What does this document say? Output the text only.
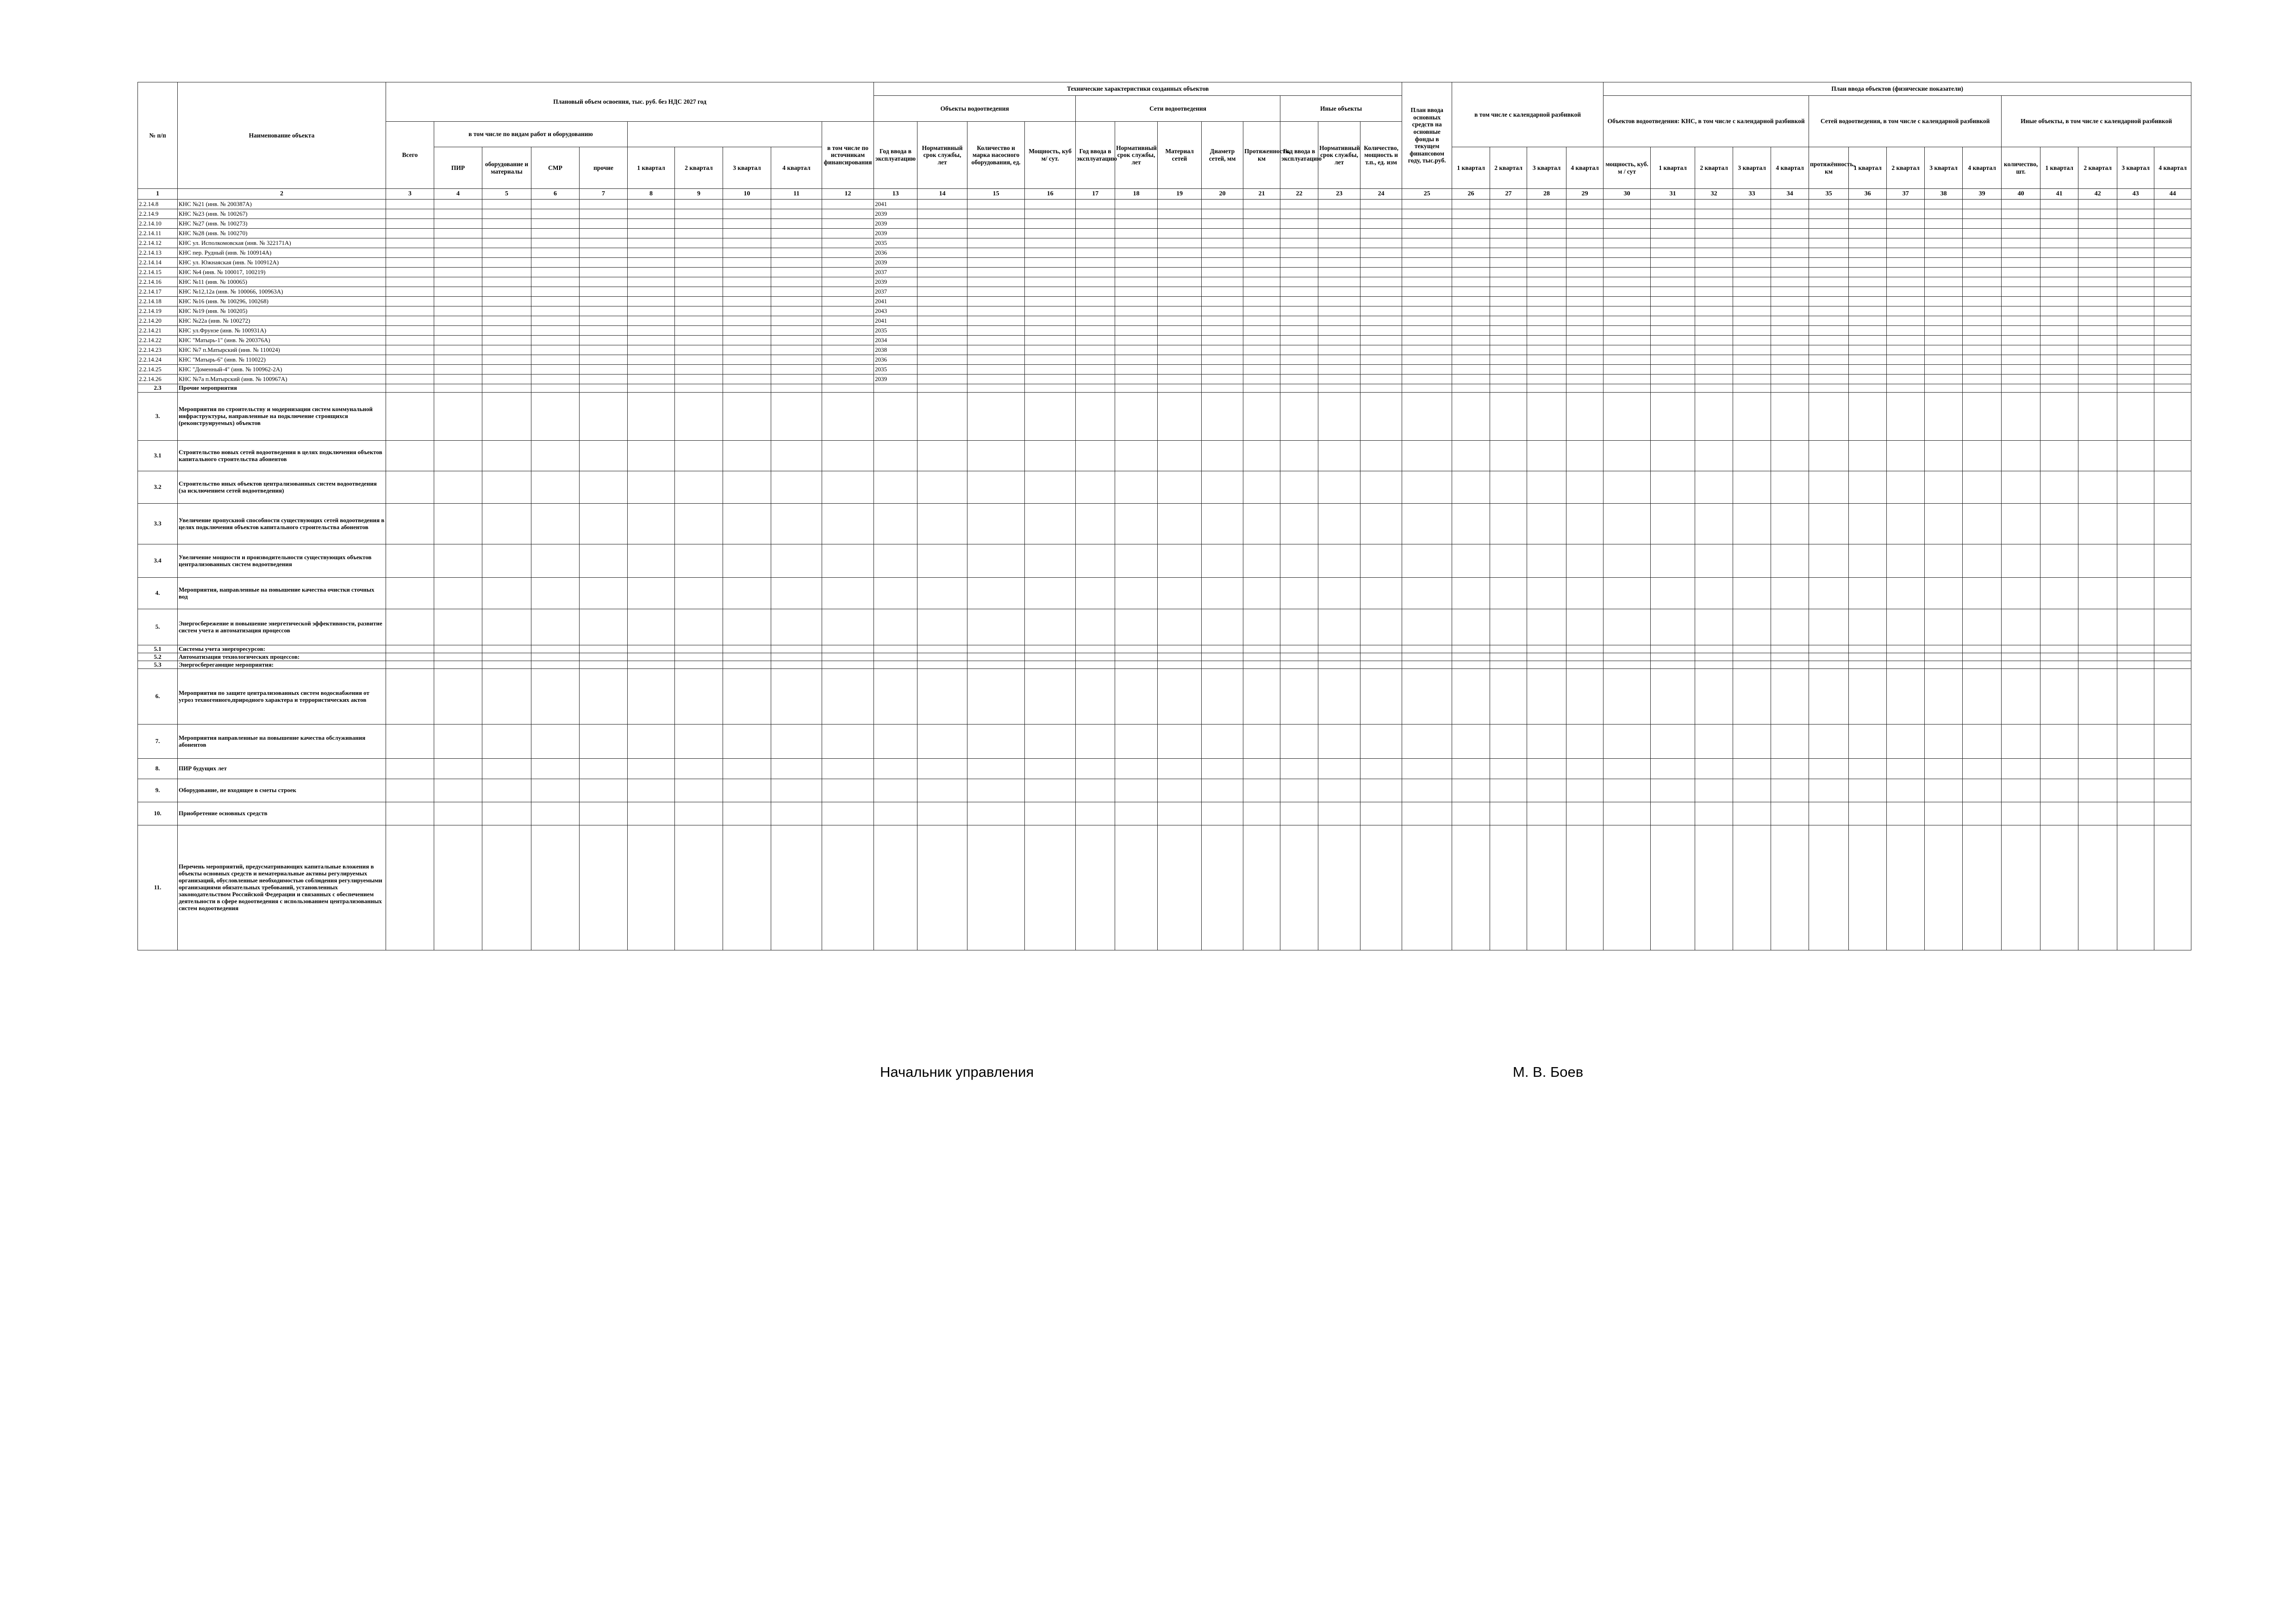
№ п/п	Наименование объекта	Плановый объем освоения, тыс. руб. без НДС 2027 год										Технические характеристики созданных объектов												План ввода основных средств на основные фонды в текущем финансовом году, тыс.руб.	в том числе с календарной разбивкой				План ввода объектов (физические показатели)														
												Объекты водоотведения				Сети водоотведения					Иные объекты								Объектов водоотведения: КНС, в том числе с календарной разбивкой					Сетей водоотведения, в том числе с календарной разбивкой					Иные объекты, в том числе с календарной разбивкой				
		Всего	в том числе по видам работ и оборудованию								в том числе по источникам финансирования	Год ввода в эксплуатацию	Нормативный срок службы, лет	Количество и марка насосного оборудования, ед.	Мощность, куб м/ сут.	Год ввода в эксплуатацию	Нормативный срок службы, лет	Материал сетей	Диаметр сетей, мм	Протяженность, км	Год ввода в эксплуатацию	Нормативный срок службы, лет	Количество, мощность и т.п., ед. изм																				
			ПИР	оборудование и материалы	СМР	прочие	1 квартал	2 квартал	3 квартал	4 квартал															1 квартал	2 квартал	3 квартал	4 квартал	мощность, куб. м / сут	1 квартал	2 квартал	3 квартал	4 квартал	протяжённость, км	1 квартал	2 квартал	3 квартал	4 квартал	количество, шт.	1 квартал	2 квартал	3 квартал	4 квартал
1	2	3	4	5	6	7	8	9	10	11	12	13	14	15	16	17	18	19	20	21	22	23	24	25	26	27	28	29	30	31	32	33	34	35	36	37	38	39	40	41	42	43	44
2.2.14.8	КНС №21 (инв. № 200387А)											2041																															
2.2.14.9	КНС №23 (инв. № 100267)											2039																															
2.2.14.10	КНС №27 (инв. № 100273)											2039																															
2.2.14.11	КНС №28 (инв. № 100270)											2039																															
2.2.14.12	КНС ул. Исполкомовская (инв. № 322171А)											2035																															
2.2.14.13	КНС пер. Рудный (инв. № 100914А)											2036																															
2.2.14.14	КНС ул. Южнаяская (инв. № 100912А)											2039																															
2.2.14.15	КНС №4 (инв. № 100017, 100219)											2037																															
2.2.14.16	КНС №11 (инв. № 100065)											2039																															
2.2.14.17	КНС №12,12а (инв. № 100066, 100963А)											2037																															
2.2.14.18	КНС №16 (инв. № 100296, 100268)											2041																															
2.2.14.19	КНС №19 (инв. № 100205)											2043																															
2.2.14.20	КНС №22а (инв. № 100272)											2041																															
2.2.14.21	КНС ул.Фрунзе (инв. № 100931А)											2035																															
2.2.14.22	КНС "Матырь-1" (инв. № 200376А)											2034																															
2.2.14.23	КНС №7 п.Матырский (инв. № 110024)											2038																															
2.2.14.24	КНС "Матырь-6" (инв. № 110022)											2036																															
2.2.14.25	КНС "Доменный-4" (инв. № 100962-2А)											2035																															
2.2.14.26	КНС №7а п.Матырский (инв. № 100967А)											2039																															
2.3	Прочие мероприятия																																										
3.	Мероприятия по строительству и модернизации систем коммунальной инфраструктуры, направленные на подключение строящихся (реконструируемых) объектов																																										
3.1	Строительство новых сетей водоотведения в целях подключения объектов капитального строительства абонентов																																										
3.2	Строительство иных объектов централизованных систем водоотведения (за исключением сетей водоотведения)																																										
3.3	Увеличение пропускной способности существующих сетей водоотведения в целях подключения объектов капитального строительства абонентов																																										
3.4	Увеличение мощности и производительности существующих объектов централизованных систем водоотведения																																										
4.	Мероприятия, направленные на повышение качества очистки сточных вод																																										
5.	Энергосбережение и повышение энергетической эффективности, развитие систем учета и автоматизация процессов																																										
5.1	Системы учета энергоресурсов:																																										
5.2	Автоматизация технологических процессов:																																										
5.3	Энергосберегающие мероприятия:																																										
6.	Мероприятия по защите централизованных систем водоснабжения от угроз техногенного,природного характера и террористических актов																																										
7.	Мероприятия направленные на повышение качества обслуживания абонентов																																										
8.	ПИР будущих лет																																										
9.	Оборудование, не входящее в сметы строек																																										
10.	Приобретение основных средств																																										
11.	Перечень мероприятий, предусматривающих капитальные вложения в объекты основных средств и нематериальные активы регулируемых организаций, обусловленные необходимостью соблюдения регулируемыми организациями обязательных требований, установленных законодательством Российской Федерации и связанных с обеспечением деятельности в сфере водоотведения с использованием централизованных систем водоотведения																																										
Начальник управления	М. В. Боев
